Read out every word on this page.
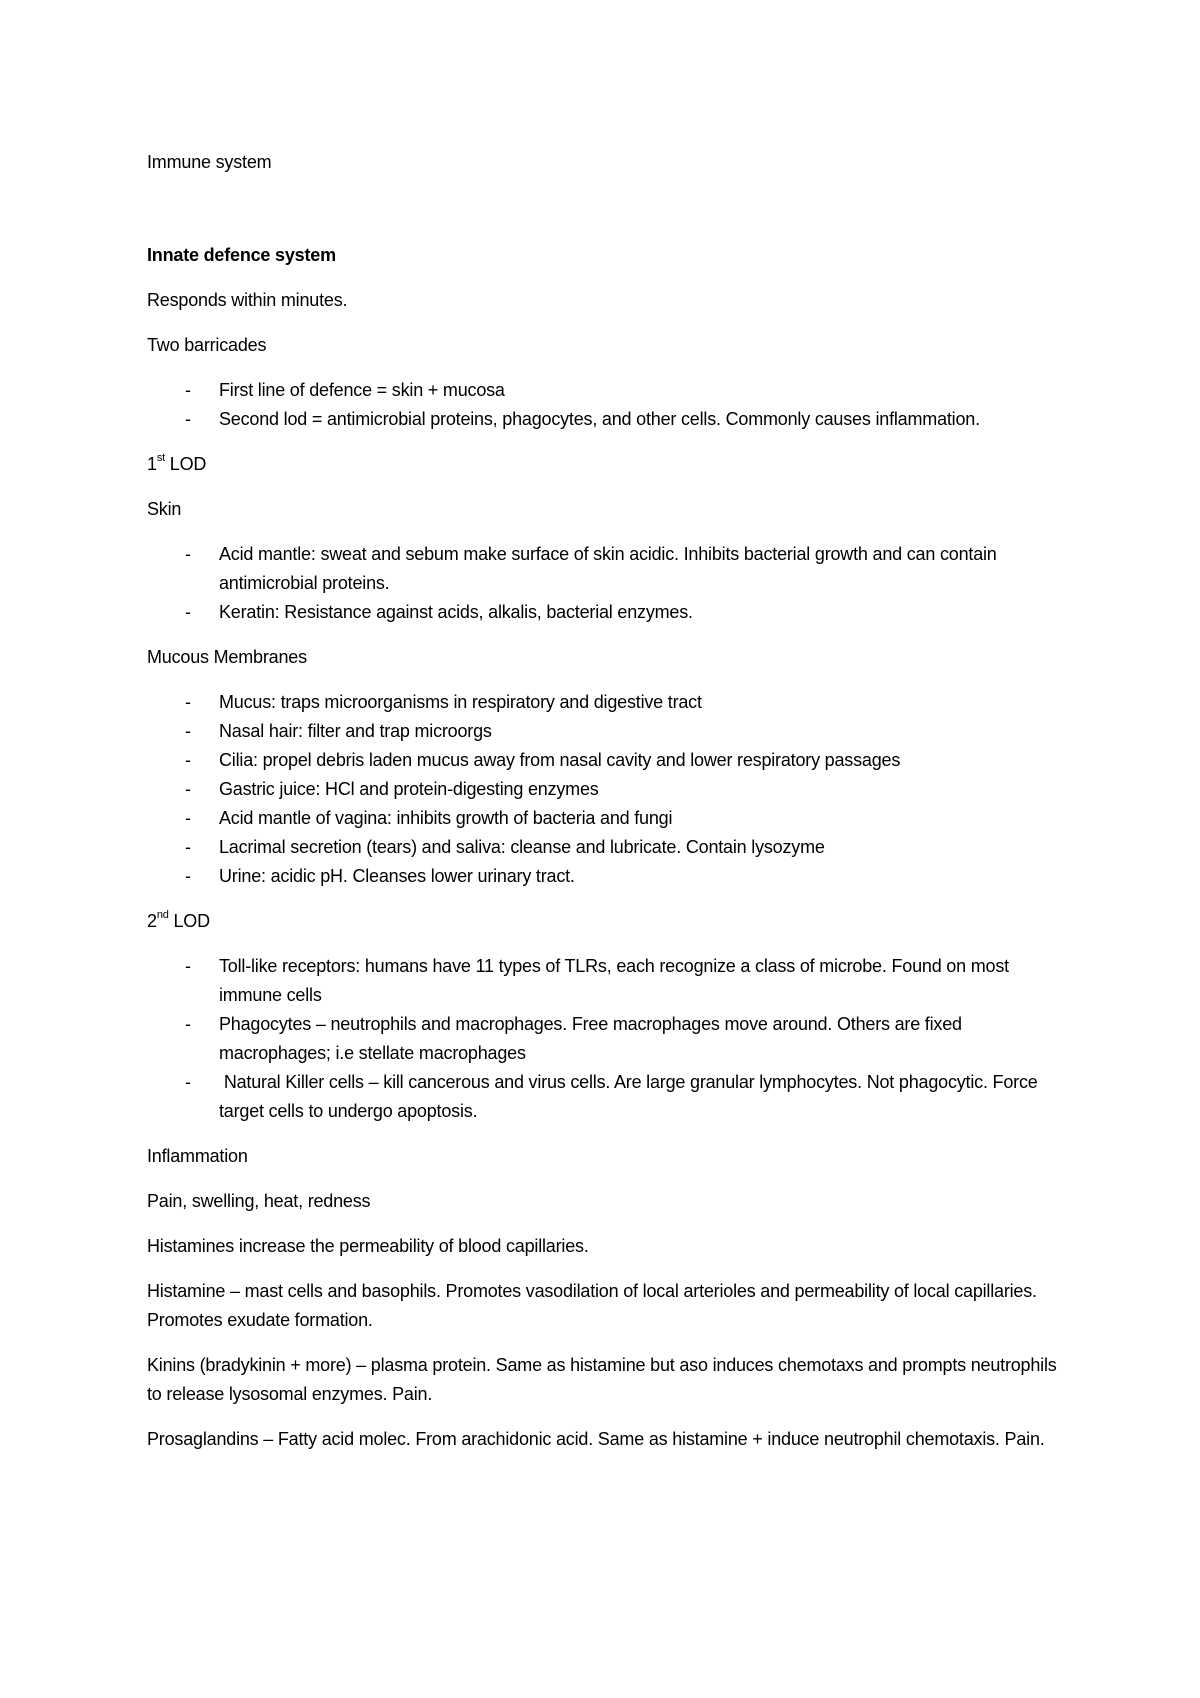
Immune system

Innate defence system

Responds within minutes.

Two barricades

- First line of defence = skin + mucosa
- Second lod = antimicrobial proteins, phagocytes, and other cells. Commonly causes inflammation.

1st LOD

Skin

- Acid mantle: sweat and sebum make surface of skin acidic. Inhibits bacterial growth and can contain antimicrobial proteins.
- Keratin: Resistance against acids, alkalis, bacterial enzymes.

Mucous Membranes

- Mucus: traps microorganisms in respiratory and digestive tract
- Nasal hair: filter and trap microorgs
- Cilia: propel debris laden mucus away from nasal cavity and lower respiratory passages
- Gastric juice: HCl and protein-digesting enzymes
- Acid mantle of vagina: inhibits growth of bacteria and fungi
- Lacrimal secretion (tears) and saliva: cleanse and lubricate. Contain lysozyme
- Urine: acidic pH. Cleanses lower urinary tract.

2nd LOD

- Toll-like receptors: humans have 11 types of TLRs, each recognize a class of microbe. Found on most immune cells
- Phagocytes – neutrophils and macrophages. Free macrophages move around. Others are fixed macrophages; i.e stellate macrophages
- Natural Killer cells – kill cancerous and virus cells. Are large granular lymphocytes. Not phagocytic. Force target cells to undergo apoptosis.

Inflammation

Pain, swelling, heat, redness

Histamines increase the permeability of blood capillaries.

Histamine – mast cells and basophils. Promotes vasodilation of local arterioles and permeability of local capillaries. Promotes exudate formation.

Kinins (bradykinin + more) – plasma protein. Same as histamine but aso induces chemotaxs and prompts neutrophils to release lysosomal enzymes. Pain.

Prosaglandins – Fatty acid molec. From arachidonic acid. Same as histamine + induce neutrophil chemotaxis. Pain.
